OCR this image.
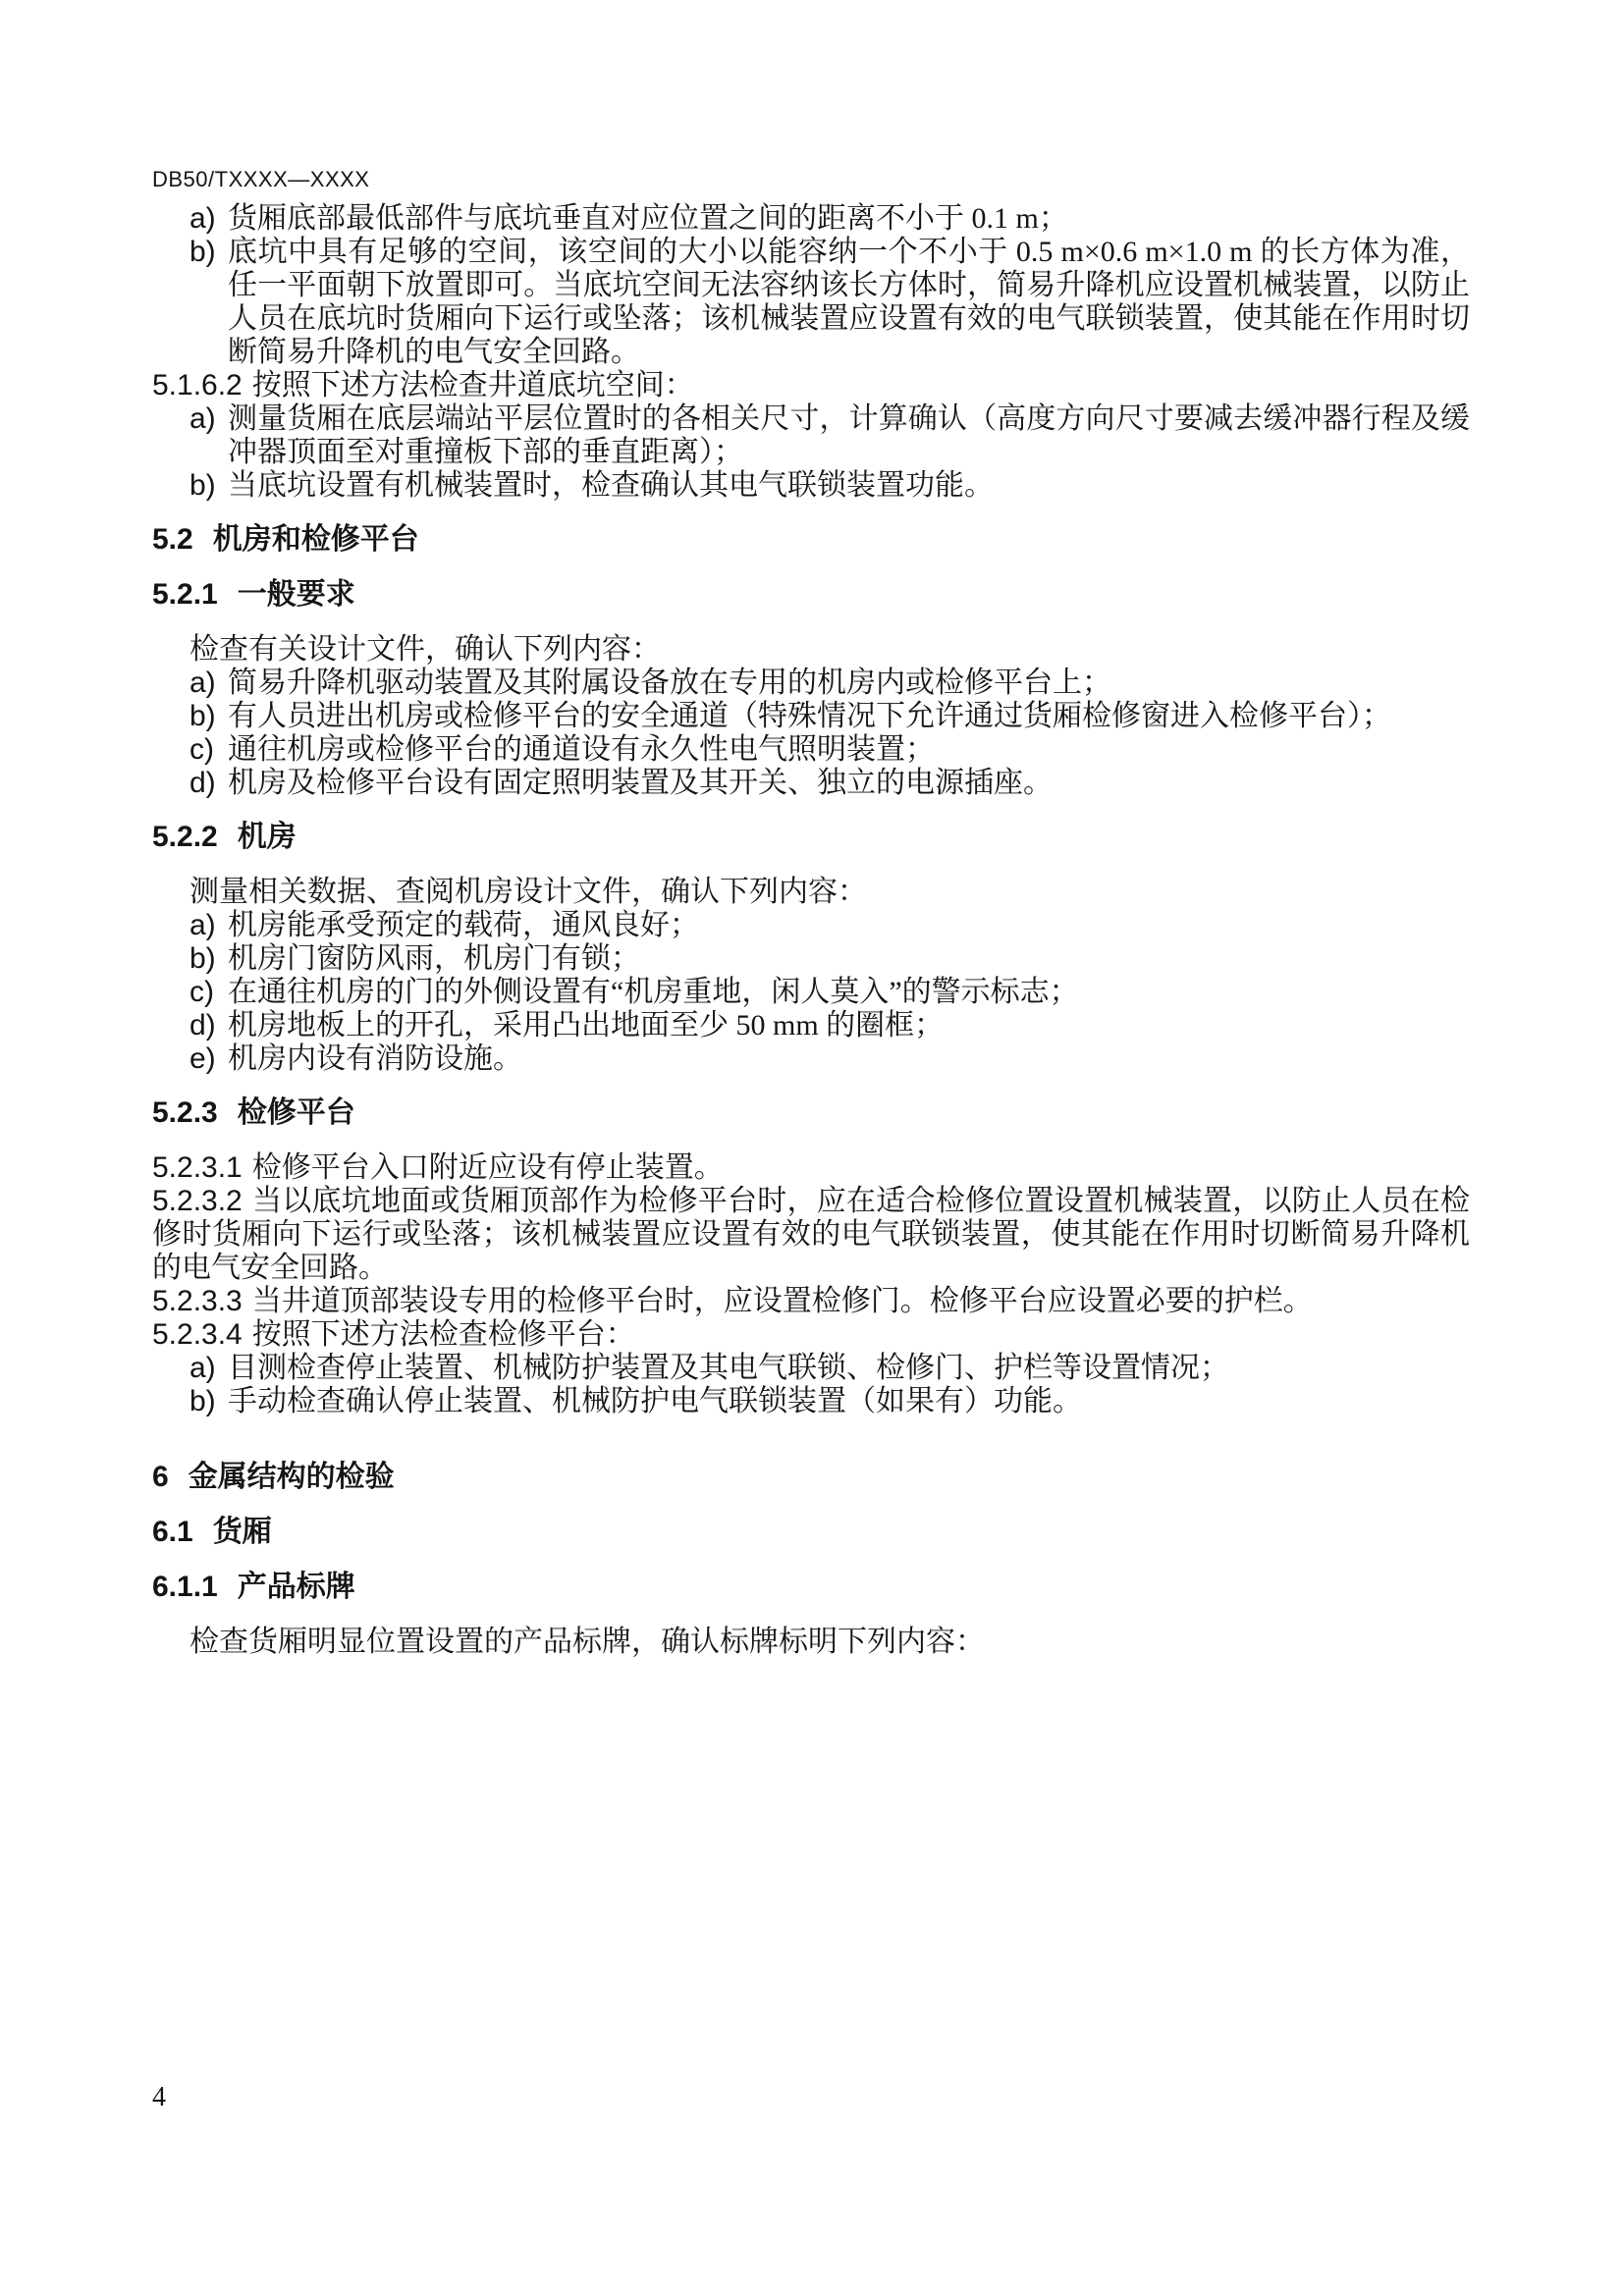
DB50/TXXXX—XXXX

a) 货厢底部最低部件与底坑垂直对应位置之间的距离不小于 0.1 m；

b) 底坑中具有足够的空间，该空间的大小以能容纳一个不小于 0.5 m×0.6 m×1.0 m 的长方体为准，任一平面朝下放置即可。当底坑空间无法容纳该长方体时，简易升降机应设置机械装置，以防止人员在底坑时货厢向下运行或坠落；该机械装置应设置有效的电气联锁装置，使其能在作用时切断简易升降机的电气安全回路。

5.1.6.2 按照下述方法检查井道底坑空间：

a) 测量货厢在底层端站平层位置时的各相关尺寸，计算确认（高度方向尺寸要减去缓冲器行程及缓冲器顶面至对重撞板下部的垂直距离）；

b) 当底坑设置有机械装置时，检查确认其电气联锁装置功能。

5.2 机房和检修平台
5.2.1 一般要求

检查有关设计文件，确认下列内容：

a) 简易升降机驱动装置及其附属设备放在专用的机房内或检修平台上；

b) 有人员进出机房或检修平台的安全通道（特殊情况下允许通过货厢检修窗进入检修平台）；

c) 通往机房或检修平台的通道设有永久性电气照明装置；

d) 机房及检修平台设有固定照明装置及其开关、独立的电源插座。

5.2.2 机房

测量相关数据、查阅机房设计文件，确认下列内容：

a) 机房能承受预定的载荷，通风良好；

b) 机房门窗防风雨，机房门有锁；

c) 在通往机房的门的外侧设置有“机房重地，闲人莫入”的警示标志；

d) 机房地板上的开孔，采用凸出地面至少 50 mm 的圈框；

e) 机房内设有消防设施。

5.2.3 检修平台

5.2.3.1 检修平台入口附近应设有停止装置。

5.2.3.2 当以底坑地面或货厢顶部作为检修平台时，应在适合检修位置设置机械装置，以防止人员在检修时货厢向下运行或坠落；该机械装置应设置有效的电气联锁装置，使其能在作用时切断简易升降机的电气安全回路。

5.2.3.3 当井道顶部装设专用的检修平台时，应设置检修门。检修平台应设置必要的护栏。

5.2.3.4 按照下述方法检查检修平台：

a) 目测检查停止装置、机械防护装置及其电气联锁、检修门、护栏等设置情况；

b) 手动检查确认停止装置、机械防护电气联锁装置（如果有）功能。

6 金属结构的检验
6.1 货厢
6.1.1 产品标牌

检查货厢明显位置设置的产品标牌，确认标牌标明下列内容：

4
